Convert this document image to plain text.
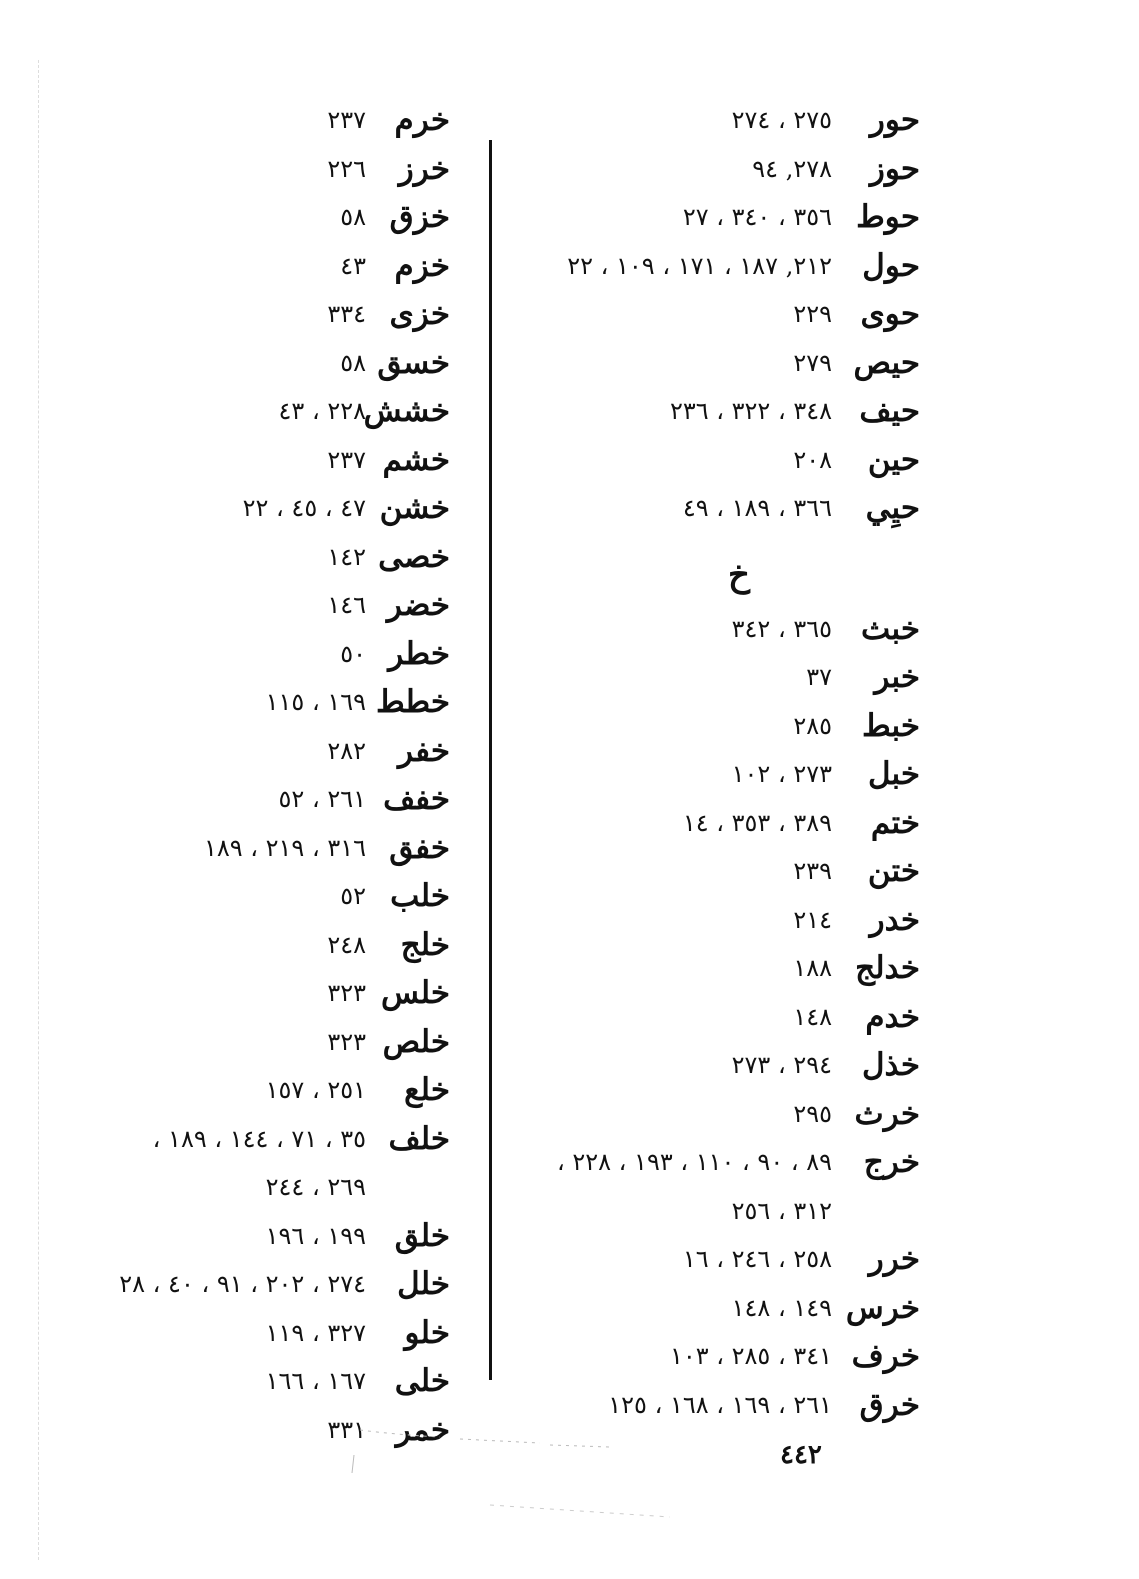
حور
٢٧٥ ، ٢٧٤
حوز
٢٧٨, ٩٤
حوط
٣٥٦ ، ٣٤٠ ، ٢٧
حول
٢١٢, ١٨٧ ، ١٧١ ، ١٠٩ ، ٢٢
حوى
٢٢٩
حيص
٢٧٩
حيف
٣٤٨ ، ٣٢٢ ، ٢٣٦
حين
٢٠٨
حيِي
٣٦٦ ، ١٨٩ ، ٤٩
خ
خبث
٣٦٥ ، ٣٤٢
خبر
٣٧
خبط
٢٨٥
خبل
٢٧٣ ، ١٠٢
ختم
٣٨٩ ، ٣٥٣ ، ١٤
ختن
٢٣٩
خدر
٢١٤
خدلج
١٨٨
خدم
١٤٨
خذل
٢٩٤ ، ٢٧٣
خرث
٢٩٥
خرج
٨٩ ، ٩٠ ، ١١٠ ، ١٩٣ ، ٢٢٨ ،
٣١٢ ، ٢٥٦
خرر
٢٥٨ ، ٢٤٦ ، ١٦
خرس
١٤٩ ، ١٤٨
خرف
٣٤١ ، ٢٨٥ ، ١٠٣
خرق
٢٦١ ، ١٦٩ ، ١٦٨ ، ١٢٥
خرم
٢٣٧
خرز
٢٢٦
خزق
٥٨
خزم
٤٣
خزى
٣٣٤
خسق
٥٨
خشش
٢٢٨ ، ٤٣
خشم
٢٣٧
خشن
٤٧ ، ٤٥ ، ٢٢
خصى
١٤٢
خضر
١٤٦
خطر
٥٠
خطط
١٦٩ ، ١١٥
خفر
٢٨٢
خفف
٢٦١ ، ٥٢
خفق
٣١٦ ، ٢١٩ ، ١٨٩
خلب
٥٢
خلج
٢٤٨
خلس
٣٢٣
خلص
٣٢٣
خلع
٢٥١ ، ١٥٧
خلف
٣٥ ، ٧١ ، ١٤٤ ، ١٨٩ ،
٢٦٩ ، ٢٤٤
خلق
١٩٩ ، ١٩٦
خلل
٢٧٤ ، ٢٠٢ ، ٩١ ، ٤٠ ، ٢٨
خلو
٣٢٧ ، ١١٩
خلى
١٦٧ ، ١٦٦
خمر
٣٣١
٤٤٢
